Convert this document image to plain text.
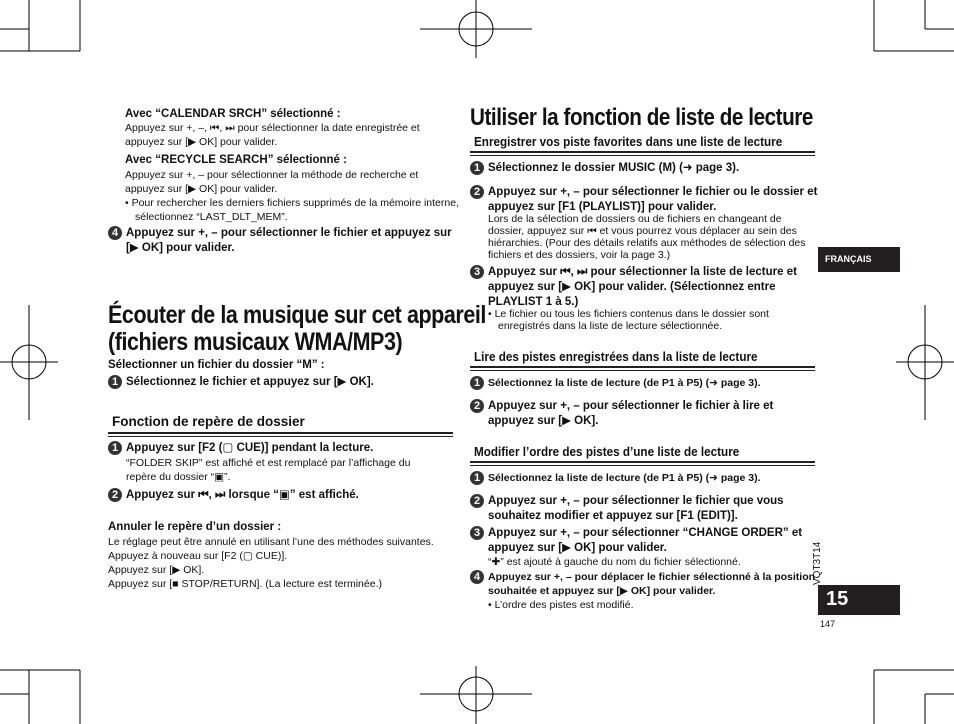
Avec “CALENDAR SRCH” sélectionné :
Appuyez sur +, –, ⏮, ⏭ pour sélectionner la date enregistrée et appuyez sur [▶ OK] pour valider.
Avec “RECYCLE SEARCH” sélectionné :
Appuyez sur +, – pour sélectionner la méthode de recherche et appuyez sur [▶ OK] pour valider.
• Pour rechercher les derniers fichiers supprimés de la mémoire interne, sélectionnez “LAST_DLT_MEM”.
4 Appuyez sur +, – pour sélectionner le fichier et appuyez sur [▶ OK] pour valider.
Écouter de la musique sur cet appareil
(fichiers musicaux WMA/MP3)
Sélectionner un fichier du dossier “M” :
1 Sélectionnez le fichier et appuyez sur [▶ OK].
Fonction de repère de dossier
1 Appuyez sur [F2 (▢ CUE)] pendant la lecture.
“FOLDER SKIP” est affiché et est remplacé par l’affichage du repère du dossier “▣”.
2 Appuyez sur ⏮, ⏭ lorsque “▣” est affiché.
Annuler le repère d’un dossier :
Le réglage peut être annulé en utilisant l’une des méthodes suivantes.
Appuyez à nouveau sur [F2 (▢ CUE)].
Appuyez sur [▶ OK].
Appuyez sur [■ STOP/RETURN]. (La lecture est terminée.)
Utiliser la fonction de liste de lecture
Enregistrer vos piste favorites dans une liste de lecture
1 Sélectionnez le dossier MUSIC (M) (➜ page 3).
2 Appuyez sur +, – pour sélectionner le fichier ou le dossier et appuyez sur [F1 (PLAYLIST)] pour valider.
Lors de la sélection de dossiers ou de fichiers en changeant de dossier, appuyez sur ⏮ et vous pourrez vous déplacer au sein des hiérarchies. (Pour des détails relatifs aux méthodes de sélection des fichiers et des dossiers, voir la page 3.)
3 Appuyez sur ⏮, ⏭ pour sélectionner la liste de lecture et appuyez sur [▶ OK] pour valider. (Sélectionnez entre PLAYLIST 1 à 5.)
• Le fichier ou tous les fichiers contenus dans le dossier sont enregistrés dans la liste de lecture sélectionnée.
Lire des pistes enregistrées dans la liste de lecture
1 Sélectionnez la liste de lecture (de P1 à P5) (➜ page 3).
2 Appuyez sur +, – pour sélectionner le fichier à lire et appuyez sur [▶ OK].
Modifier l’ordre des pistes d’une liste de lecture
1 Sélectionnez la liste de lecture (de P1 à P5) (➜ page 3).
2 Appuyez sur +, – pour sélectionner le fichier que vous souhaitez modifier et appuyez sur [F1 (EDIT)].
3 Appuyez sur +, – pour sélectionner “CHANGE ORDER” et appuyez sur [▶ OK] pour valider.
“✚” est ajouté à gauche du nom du fichier sélectionné.
4 Appuyez sur +, – pour déplacer le fichier sélectionné à la position souhaitée et appuyez sur [▶ OK] pour valider.
• L’ordre des pistes est modifié.
FRANÇAIS
VQT3T14
15
147
